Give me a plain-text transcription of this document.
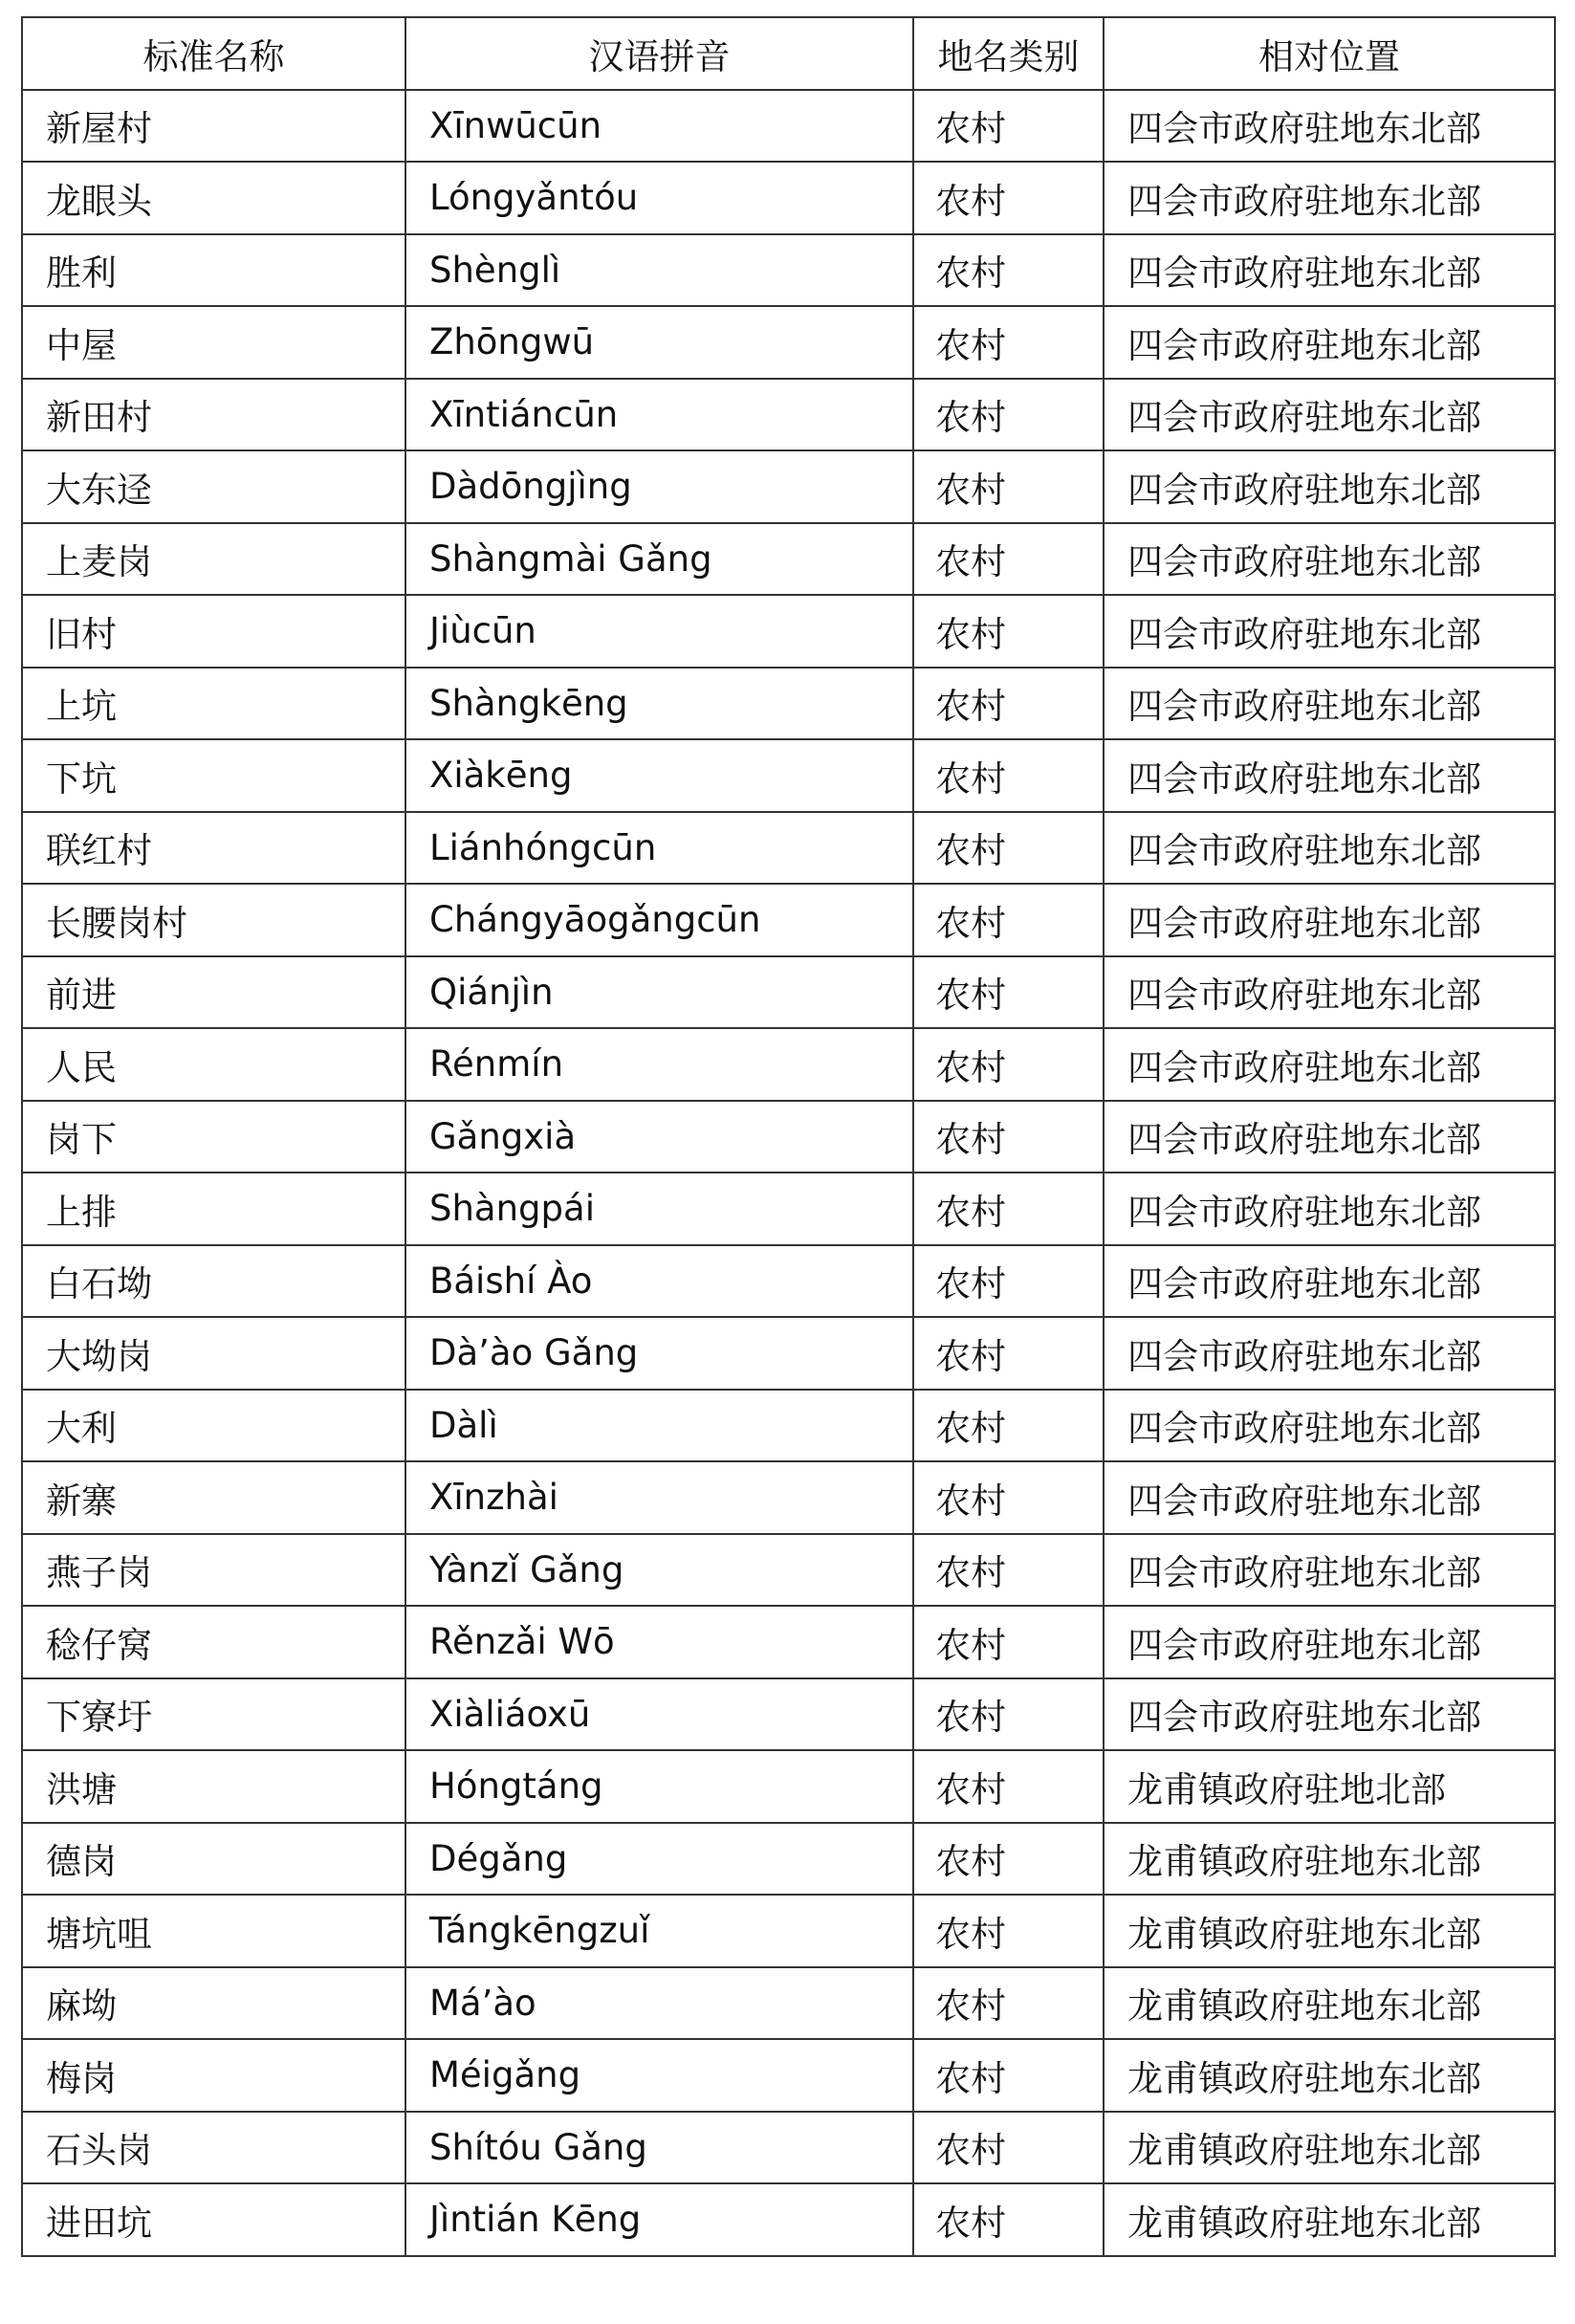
标准名称	汉语拼音	地名类别	相对位置
新屋村	Xīnwūcūn	农村	四会市政府驻地东北部
龙眼头	Lóngyǎntóu	农村	四会市政府驻地东北部
胜利	Shènglì	农村	四会市政府驻地东北部
中屋	Zhōngwū	农村	四会市政府驻地东北部
新田村	Xīntiáncūn	农村	四会市政府驻地东北部
大东迳	Dàdōngjìng	农村	四会市政府驻地东北部
上麦岗	Shàngmài Gǎng	农村	四会市政府驻地东北部
旧村	Jiùcūn	农村	四会市政府驻地东北部
上坑	Shàngkēng	农村	四会市政府驻地东北部
下坑	Xiàkēng	农村	四会市政府驻地东北部
联红村	Liánhóngcūn	农村	四会市政府驻地东北部
长腰岗村	Chángyāogǎngcūn	农村	四会市政府驻地东北部
前进	Qiánjìn	农村	四会市政府驻地东北部
人民	Rénmín	农村	四会市政府驻地东北部
岗下	Gǎngxià	农村	四会市政府驻地东北部
上排	Shàngpái	农村	四会市政府驻地东北部
白石坳	Báishí Ào	农村	四会市政府驻地东北部
大坳岗	Dà’ào Gǎng	农村	四会市政府驻地东北部
大利	Dàlì	农村	四会市政府驻地东北部
新寨	Xīnzhài	农村	四会市政府驻地东北部
燕子岗	Yànzǐ Gǎng	农村	四会市政府驻地东北部
稔仔窝	Rěnzǎi Wō	农村	四会市政府驻地东北部
下寮圩	Xiàliáoxū	农村	四会市政府驻地东北部
洪塘	Hóngtáng	农村	龙甫镇政府驻地北部
德岗	Dégǎng	农村	龙甫镇政府驻地东北部
塘坑咀	Tángkēngzuǐ	农村	龙甫镇政府驻地东北部
麻坳	Má’ào	农村	龙甫镇政府驻地东北部
梅岗	Méigǎng	农村	龙甫镇政府驻地东北部
石头岗	Shítóu Gǎng	农村	龙甫镇政府驻地东北部
进田坑	Jìntián Kēng	农村	龙甫镇政府驻地东北部
